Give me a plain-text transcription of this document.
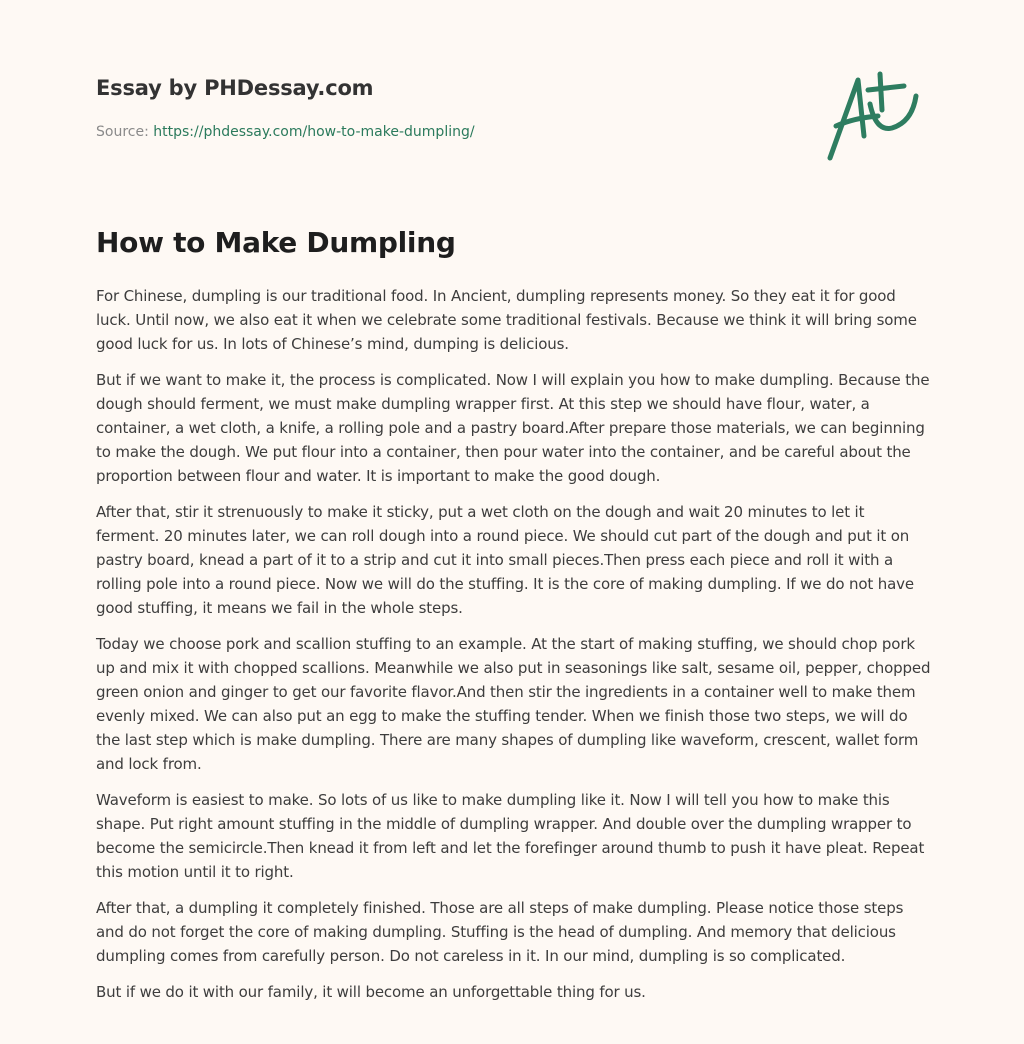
Essay by PHDessay.com
Source: https://phdessay.com/how-to-make-dumpling/
How to Make Dumpling

For Chinese, dumpling is our traditional food. In Ancient, dumpling represents money. So they eat it for good luck. Until now, we also eat it when we celebrate some traditional festivals. Because we think it will bring some good luck for us. In lots of Chinese’s mind, dumping is delicious.

But if we want to make it, the process is complicated. Now I will explain you how to make dumpling. Because the dough should ferment, we must make dumpling wrapper first. At this step we should have flour, water, a container, a wet cloth, a knife, a rolling pole and a pastry board.After prepare those materials, we can beginning to make the dough. We put flour into a container, then pour water into the container, and be careful about the proportion between flour and water. It is important to make the good dough.

After that, stir it strenuously to make it sticky, put a wet cloth on the dough and wait 20 minutes to let it ferment. 20 minutes later, we can roll dough into a round piece. We should cut part of the dough and put it on pastry board, knead a part of it to a strip and cut it into small pieces.Then press each piece and roll it with a rolling pole into a round piece. Now we will do the stuffing. It is the core of making dumpling. If we do not have good stuffing, it means we fail in the whole steps.

Today we choose pork and scallion stuffing to an example. At the start of making stuffing, we should chop pork up and mix it with chopped scallions. Meanwhile we also put in seasonings like salt, sesame oil, pepper, chopped green onion and ginger to get our favorite flavor.And then stir the ingredients in a container well to make them evenly mixed. We can also put an egg to make the stuffing tender. When we finish those two steps, we will do the last step which is make dumpling. There are many shapes of dumpling like waveform, crescent, wallet form and lock from.

Waveform is easiest to make. So lots of us like to make dumpling like it. Now I will tell you how to make this shape. Put right amount stuffing in the middle of dumpling wrapper. And double over the dumpling wrapper to become the semicircle.Then knead it from left and let the forefinger around thumb to push it have pleat. Repeat this motion until it to right.

After that, a dumpling it completely finished. Those are all steps of make dumpling. Please notice those steps and do not forget the core of making dumpling. Stuffing is the head of dumpling. And memory that delicious dumpling comes from carefully person. Do not careless in it. In our mind, dumpling is so complicated.

But if we do it with our family, it will become an unforgettable thing for us.
